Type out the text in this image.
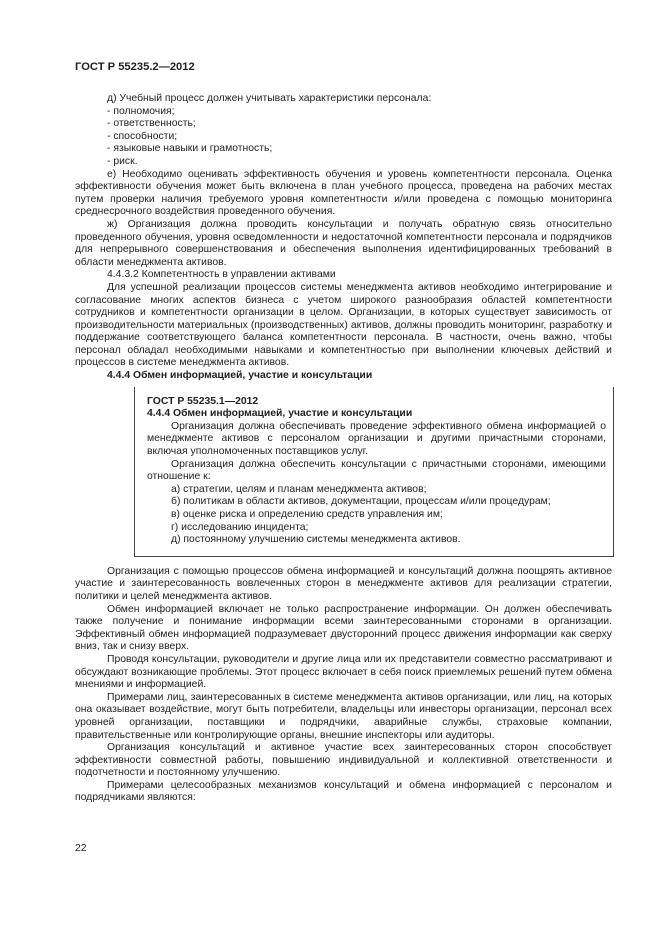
ГОСТ Р 55235.2—2012

д) Учебный процесс должен учитывать характеристики персонала:

- полномочия;

- ответственность;

- способности;

- языковые навыки и грамотность;

- риск.

е) Необходимо оценивать эффективность обучения и уровень компетентности персонала. Оценка эффективности обучения может быть включена в план учебного процесса, проведена на рабочих местах путем проверки наличия требуемого уровня компетентности и/или проведена с помощью мониторинга среднесрочного воздействия проведенного обучения.

ж) Организация должна проводить консультации и получать обратную связь относительно проведенного обучения, уровня осведомленности и недостаточной компетентности персонала и подрядчиков для непрерывного совершенствования и обеспечения выполнения идентифицированных требований в области менеджмента активов.

4.4.3.2 Компетентность в управлении активами

Для успешной реализации процессов системы менеджмента активов необходимо интегрирование и согласование многих аспектов бизнеса с учетом широкого разнообразия областей компетентности сотрудников и компетентности организации в целом. Организации, в которых существует зависимость от производительности материальных (производственных) активов, должны проводить мониторинг, разработку и поддержание соответствующего баланса компетентности персонала. В частности, очень важно, чтобы персонал обладал необходимыми навыками и компетентностью при выполнении ключевых действий и процессов в системе менеджмента активов.

4.4.4 Обмен информацией, участие и консультации

ГОСТ Р 55235.1—2012

4.4.4 Обмен информацией, участие и консультации

Организация должна обеспечивать проведение эффективного обмена информацией о менеджменте активов с персоналом организации и другими причастными сторонами, включая уполномоченных поставщиков услуг.

Организация должна обеспечить консультации с причастными сторонами, имеющими отношение к:

а) стратегии, целям и планам менеджмента активов;

б) политикам в области активов, документации, процессам и/или процедурам;

в) оценке риска и определению средств управления им;

г) исследованию инцидента;

д) постоянному улучшению системы менеджмента активов.

Организация с помощью процессов обмена информацией и консультаций должна поощрять активное участие и заинтересованность вовлеченных сторон в менеджменте активов для реализации стратегии, политики и целей менеджмента активов.

Обмен информацией включает не только распространение информации. Он должен обеспечивать также получение и понимание информации всеми заинтересованными сторонами в организации. Эффективный обмен информацией подразумевает двусторонний процесс движения информации как сверху вниз, так и снизу вверх.

Проводя консультации, руководители и другие лица или их представители совместно рассматривают и обсуждают возникающие проблемы. Этот процесс включает в себя поиск приемлемых решений путем обмена мнениями и информацией.

Примерами лиц, заинтересованных в системе менеджмента активов организации, или лиц, на которых она оказывает воздействие, могут быть потребители, владельцы или инвесторы организации, персонал всех уровней организации, поставщики и подрядчики, аварийные службы, страховые компании, правительственные или контролирующие органы, внешние инспекторы или аудиторы.

Организация консультаций и активное участие всех заинтересованных сторон способствует эффективности совместной работы, повышению индивидуальной и коллективной ответственности и подотчетности и постоянному улучшению.

Примерами целесообразных механизмов консультаций и обмена информацией с персоналом и подрядчиками являются:

22
